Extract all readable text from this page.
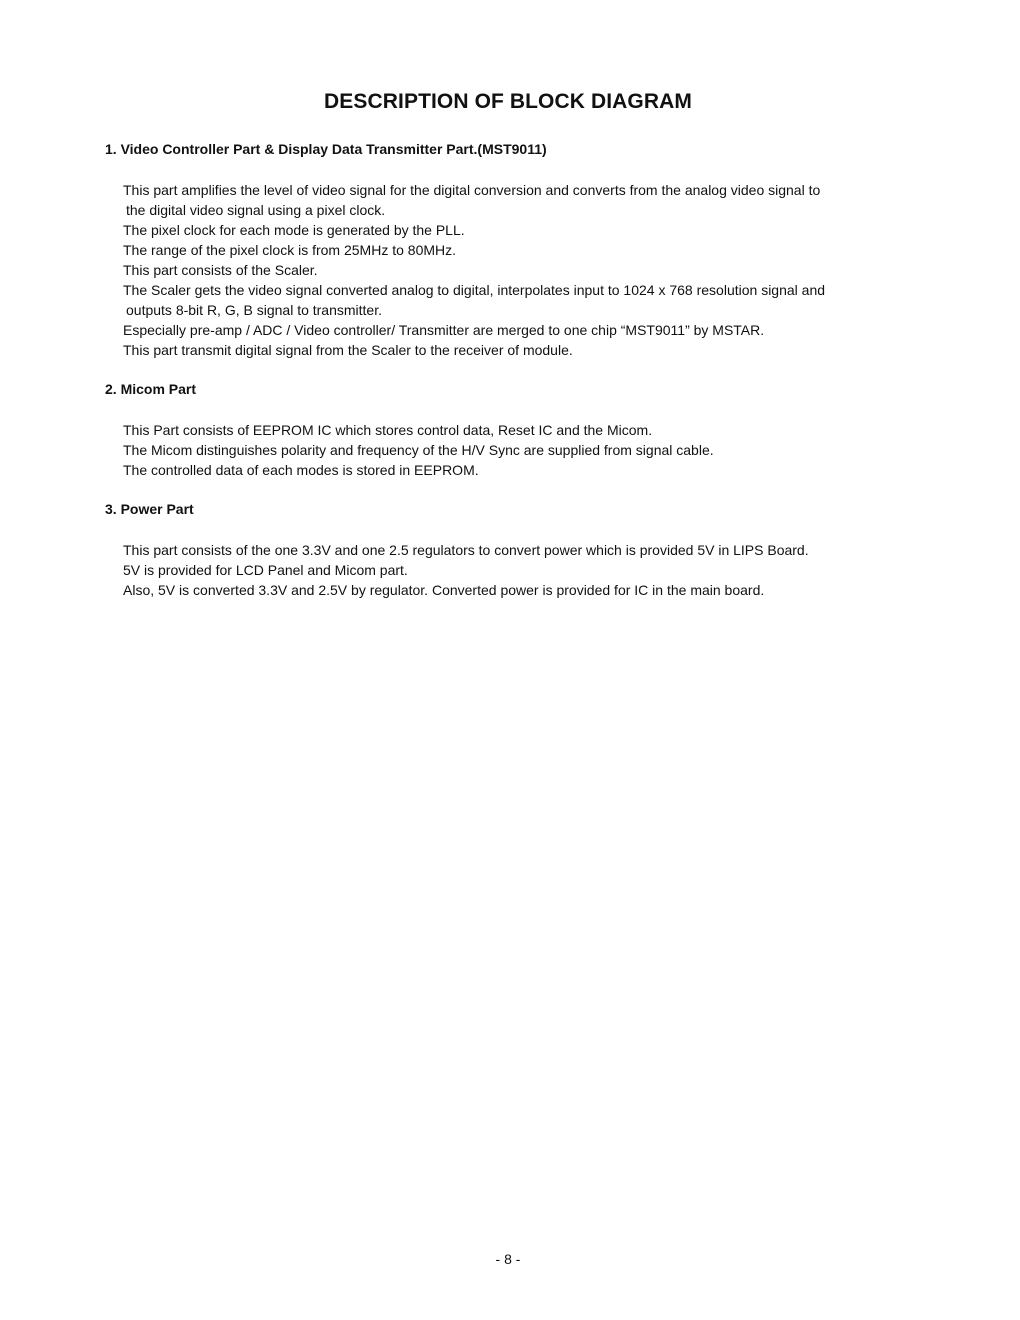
DESCRIPTION OF BLOCK DIAGRAM
1. Video Controller Part & Display Data Transmitter Part.(MST9011)
This part amplifies the level of video signal for the digital conversion and converts from the analog video signal to
the digital video signal using a pixel clock.
The pixel clock for each mode is generated by the PLL.
The range of the pixel clock is from 25MHz to 80MHz.
This part consists of the Scaler.
The Scaler gets the video signal converted analog to digital, interpolates input to 1024 x 768 resolution signal and
outputs 8-bit R, G, B signal to transmitter.
Especially pre-amp / ADC / Video controller/ Transmitter are merged to one chip “MST9011” by MSTAR.
This part transmit digital signal from the Scaler to the receiver of module.
2. Micom Part
This Part consists of EEPROM IC which stores control data, Reset IC and the Micom.
The Micom distinguishes polarity and frequency of the H/V Sync are supplied from signal cable.
The controlled data of each modes is stored in EEPROM.
3. Power Part
This part consists of the one 3.3V and one 2.5 regulators to convert power which is provided 5V in LIPS Board.
5V is provided for LCD Panel and Micom part.
Also, 5V is converted 3.3V and 2.5V by regulator. Converted power is provided for IC in the main board.
- 8 -
